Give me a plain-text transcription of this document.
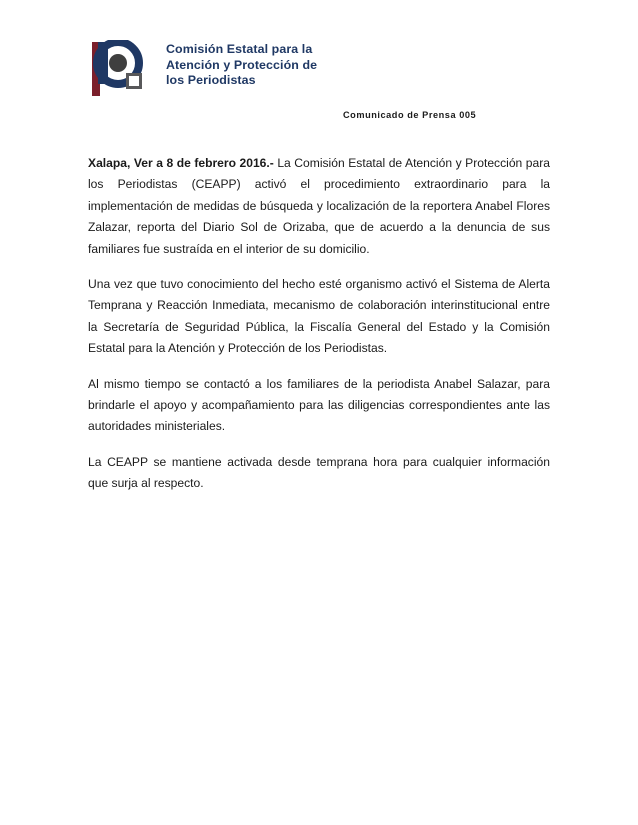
Comisión Estatal para la
Atención y Protección de
los Periodistas
Comunicado de Prensa 005

Xalapa, Ver a 8 de febrero 2016.- La Comisión Estatal de Atención y Protección para los Periodistas (CEAPP) activó el procedimiento extraordinario para la implementación de medidas de búsqueda y localización de la reportera Anabel Flores Zalazar, reporta del Diario Sol de Orizaba, que de acuerdo a la denuncia de sus familiares fue sustraída en el interior de su domicilio.

Una vez que tuvo conocimiento del hecho esté organismo activó el Sistema de Alerta Temprana y Reacción Inmediata, mecanismo de colaboración interinstitucional entre la Secretaría de Seguridad Pública, la Fiscalía General del Estado y la Comisión Estatal para la Atención y Protección de los Periodistas.

Al mismo tiempo se contactó a los familiares de la periodista Anabel Salazar, para brindarle el apoyo y acompañamiento para las diligencias correspondientes ante las autoridades ministeriales.

La CEAPP se mantiene activada desde temprana hora para cualquier información que surja al respecto.
